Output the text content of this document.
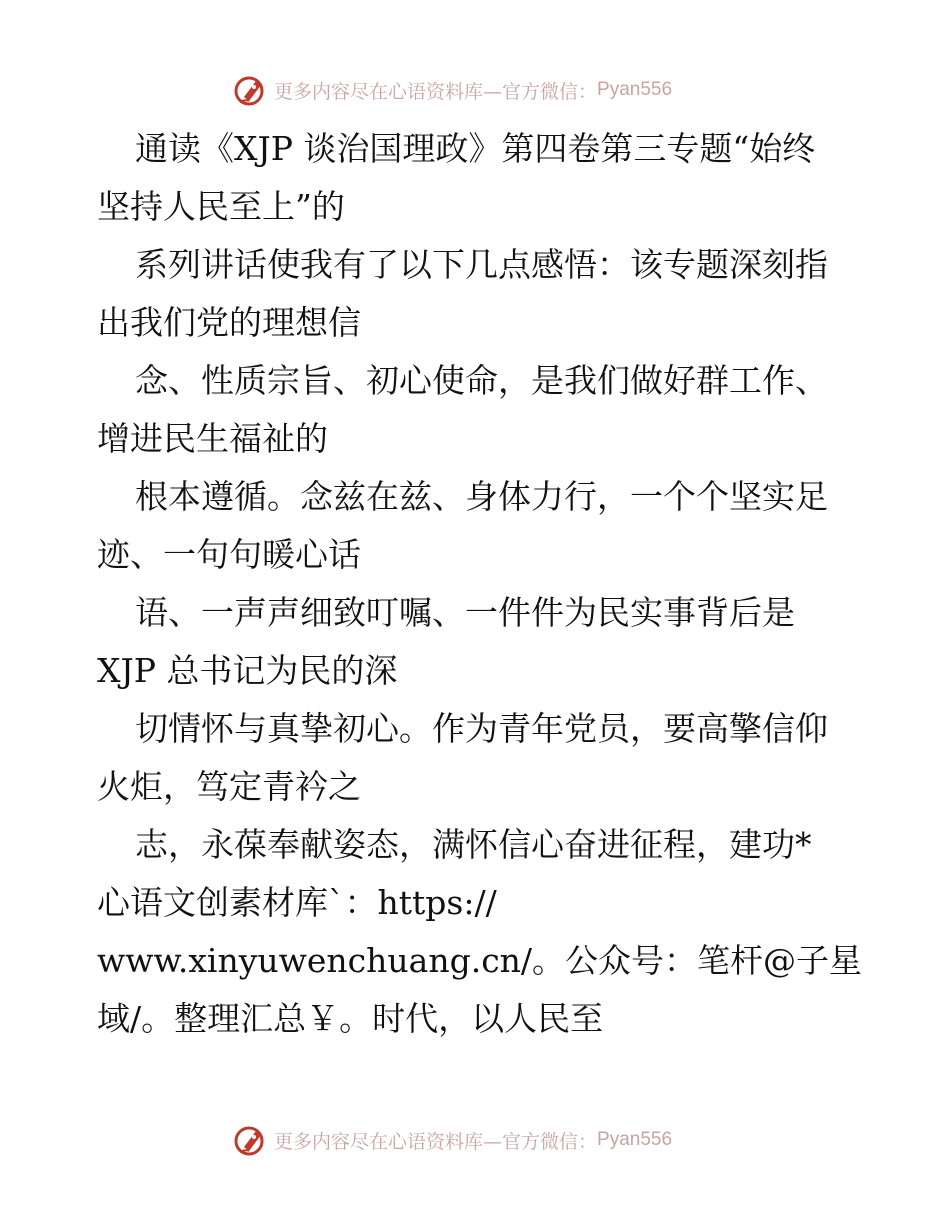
更多内容尽在心语资料库—官方微信： Pyan556
通读《XJP 谈治国理政》第四卷第三专题“始终
坚持人民至上”的
系列讲话使我有了以下几点感悟：该专题深刻指
出我们党的理想信
念、性质宗旨、初心使命，是我们做好群工作、
增进民生福祉的
根本遵循。念兹在兹、身体力行，一个个坚实足
迹、一句句暖心话
语、一声声细致叮嘱、一件件为民实事背后是
XJP 总书记为民的深
切情怀与真挚初心。作为青年党员，要高擎信仰
火炬，笃定青衿之
志，永葆奉献姿态，满怀信心奋进征程，建功*
心语文创素材库`：https://
www.xinyuwenchuang.cn/。公众号：笔杆@子星
域/。整理汇总￥。时代，以人民至
更多内容尽在心语资料库—官方微信： Pyan556
